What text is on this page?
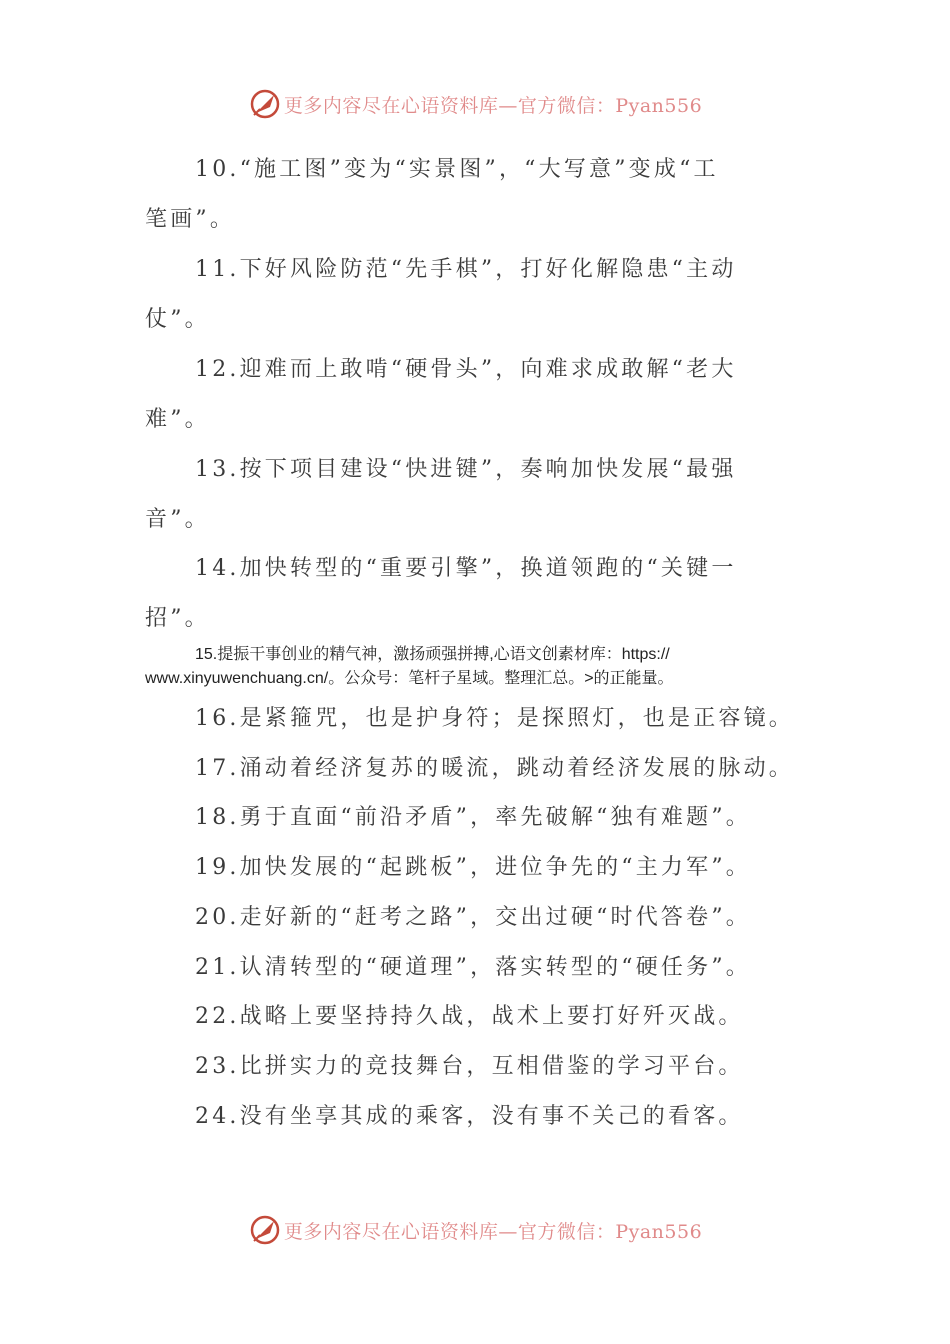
更多内容尽在心语资料库—官方微信：Pyan556
10.“施工图”变为“实景图”，“大写意”变成“工
笔画”。
11.下好风险防范“先手棋”，打好化解隐患“主动
仗”。
12.迎难而上敢啃“硬骨头”，向难求成敢解“老大
难”。
13.按下项目建设“快进键”，奏响加快发展“最强
音”。
14.加快转型的“重要引擎”，换道领跑的“关键一
招”。
15.提振干事创业的精气神，激扬顽强拼搏,心语文创素材库：https://
www.xinyuwenchuang.cn/。公众号：笔杆子星域。整理汇总。>的正能量。
16.是紧箍咒，也是护身符；是探照灯，也是正容镜。
17.涌动着经济复苏的暖流，跳动着经济发展的脉动。
18.勇于直面“前沿矛盾”，率先破解“独有难题”。
19.加快发展的“起跳板”，进位争先的“主力军”。
20.走好新的“赶考之路”，交出过硬“时代答卷”。
21.认清转型的“硬道理”，落实转型的“硬任务”。
22.战略上要坚持持久战，战术上要打好歼灭战。
23.比拼实力的竞技舞台，互相借鉴的学习平台。
24.没有坐享其成的乘客，没有事不关己的看客。
更多内容尽在心语资料库—官方微信：Pyan556
